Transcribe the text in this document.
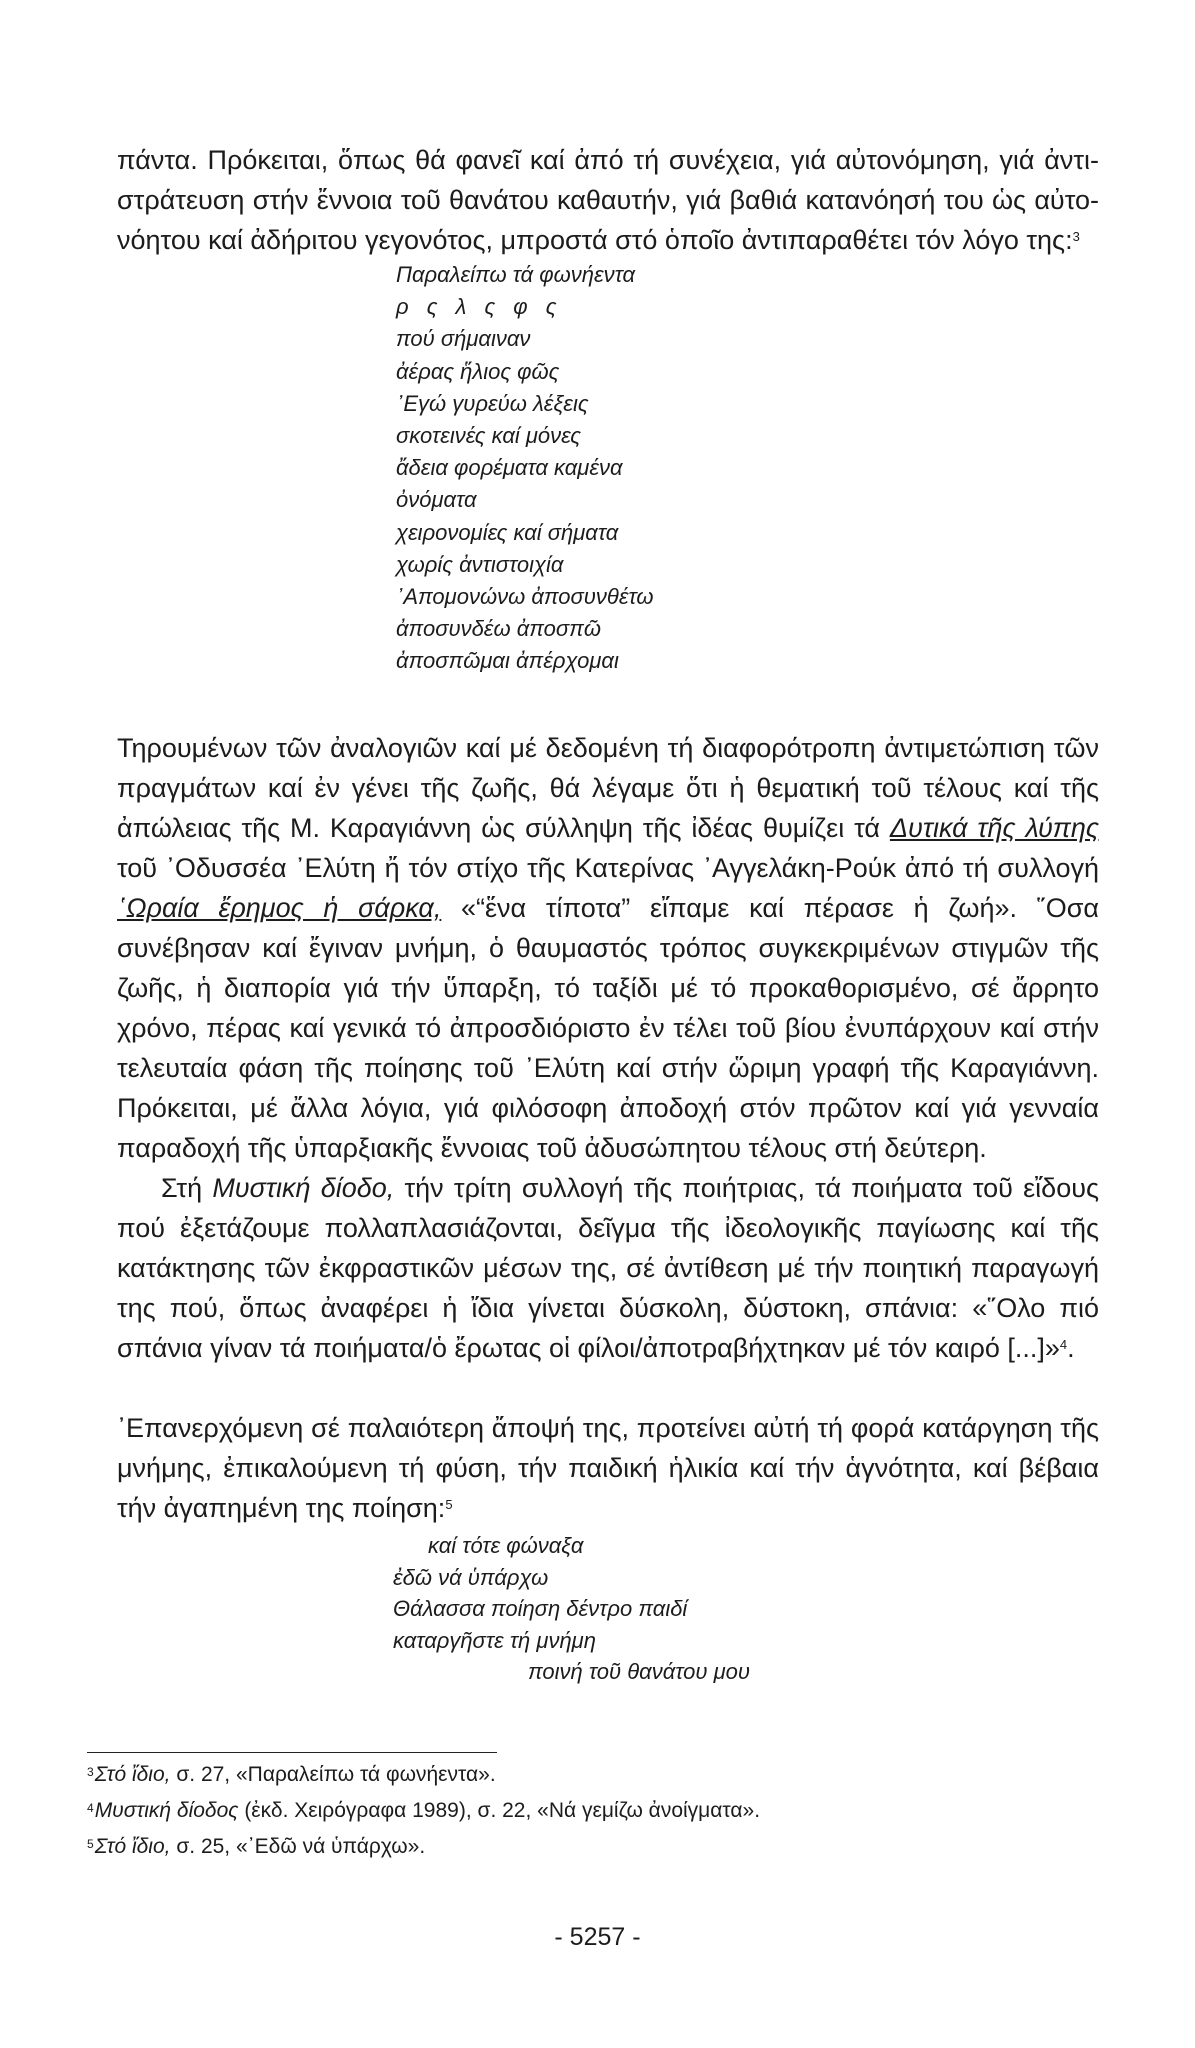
πάντα. Πρόκειται, ὅπως θά φανεῖ καί ἀπό τή συνέχεια, γιά αὐτονόμηση, γιά ἀντι-
στράτευση στήν ἔννοια τοῦ θανάτου καθαυτήν, γιά βαθιά κατανόησή του ὡς αὐτο-
νόητου καί ἀδήριτου γεγονότος, μπροστά στό ὁποῖο ἀντιπαραθέτει τόν λόγο της:$^3$
Παραλείπω τά φωνήεντα
ρ ς λ ς φ ς
πού σήμαιναν
ἀέρας ἥλιος φῶς
᾿Εγώ γυρεύω λέξεις
σκοτεινές καί μόνες
ἄδεια φορέματα καμένα
ὀνόματα
χειρονομίες καί σήματα
χωρίς ἀντιστοιχία
᾿Απομονώνω ἀποσυνθέτω
ἀποσυνδέω ἀποσπῶ
ἀποσπῶμαι ἀπέρχομαι

Τηρουμένων τῶν ἀναλογιῶν καί μέ δεδομένη τή διαφορότροπη ἀντιμετώπιση τῶν πραγμάτων καί ἐν γένει τῆς ζωῆς, θά λέγαμε ὅτι ἡ θεματική τοῦ τέλους καί τῆς ἀπώλειας τῆς Μ. Καραγιάννη ὡς σύλληψη τῆς ἰδέας θυμίζει τά Δυτικά τῆς λύπης τοῦ ᾿Οδυσσέα ᾿Ελύτη ἤ τόν στίχο τῆς Κατερίνας ᾿Αγγελάκη-Ρούκ ἀπό τή συλλογή ῾Ωραία ἔρημος ἡ σάρκα, «“ἕνα τίποτα” εἴπαμε καί πέρασε ἡ ζωή». ῞Οσα συνέβησαν καί ἔγιναν μνήμη, ὁ θαυμαστός τρόπος συγκεκριμένων στιγμῶν τῆς ζωῆς, ἡ διαπορία γιά τήν ὕπαρξη, τό ταξίδι μέ τό προκαθορισμένο, σέ ἄρρητο χρόνο, πέρας καί γενικά τό ἀπροσδιόριστο ἐν τέλει τοῦ βίου ἐνυπάρχουν καί στήν τελευταία φάση τῆς ποίησης τοῦ ᾿Ελύτη καί στήν ὥριμη γραφή τῆς Καραγιάννη. Πρόκειται, μέ ἄλλα λόγια, γιά φιλόσοφη ἀποδοχή στόν πρῶτον καί γιά γενναία παραδοχή τῆς ὑπαρξιακῆς ἔννοιας τοῦ ἀδυσώπητου τέλους στή δεύτερη.

Στή Μυστική δίοδο, τήν τρίτη συλλογή τῆς ποιήτριας, τά ποιήματα τοῦ εἴδους πού ἐξετάζουμε πολλαπλασιάζονται, δεῖγμα τῆς ἰδεολογικῆς παγίωσης καί τῆς κατάκτησης τῶν ἐκφραστικῶν μέσων της, σέ ἀντίθεση μέ τήν ποιητική παραγωγή της πού, ὅπως ἀναφέρει ἡ ἴδια γίνεται δύσκολη, δύστοκη, σπάνια: «῞Ολο πιό σπάνια γίναν τά ποιήματα/ὁ ἔρωτας οἱ φίλοι/ἀποτραβήχτηκαν μέ τόν καιρό [...]»$^4$.

᾿Επανερχόμενη σέ παλαιότερη ἄποψή της, προτείνει αὐτή τή φορά κατάργηση τῆς μνήμης, ἐπικαλούμενη τή φύση, τήν παιδική ἡλικία καί τήν ἁγνότητα, καί βέβαια τήν ἀγαπημένη της ποίηση:$^5$

καί τότε φώναξα
ἐδῶ νά ὑπάρχω
Θάλασσα ποίηση δέντρο παιδί
καταργῆστε τή μνήμη
ποινή τοῦ θανάτου μου
$^3$Στό ἴδιο, σ. 27, «Παραλείπω τά φωνήεντα».
$^4$Μυστική δίοδος (ἐκδ. Χειρόγραφα 1989), σ. 22, «Νά γεμίζω ἀνοίγματα».
$^5$Στό ἴδιο, σ. 25, «᾿Εδῶ νά ὑπάρχω».
- 5257 -
